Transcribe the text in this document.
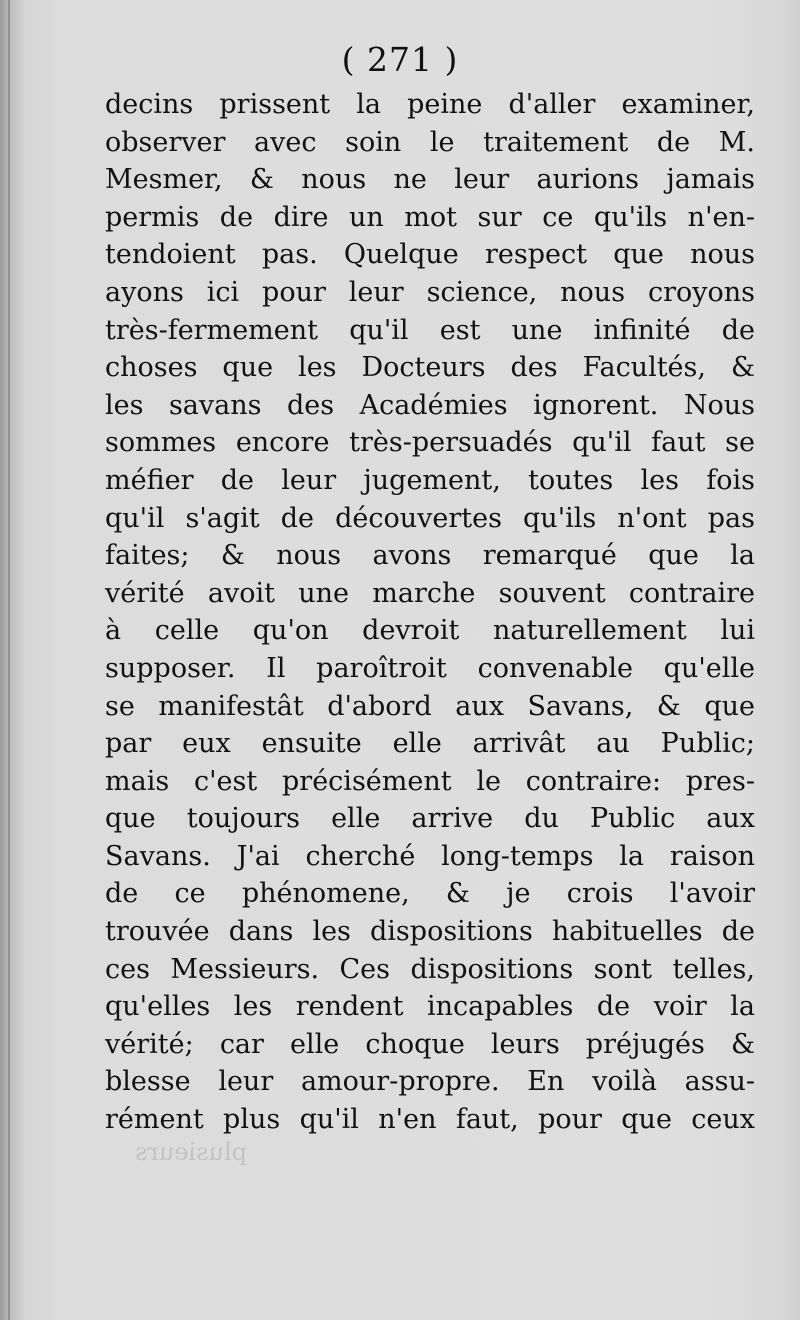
( 271 )
decins prissent la peine d'aller examiner,
observer avec soin le traitement de M.
Mesmer, & nous ne leur aurions jamais
permis de dire un mot sur ce qu'ils n'en-
tendoient pas. Quelque respect que nous
ayons ici pour leur science, nous croyons
très-fermement qu'il est une infinité de
choses que les Docteurs des Facultés, &
les savans des Académies ignorent. Nous
sommes encore très-persuadés qu'il faut se
méfier de leur jugement, toutes les fois
qu'il s'agit de découvertes qu'ils n'ont pas
faites; & nous avons remarqué que la
vérité avoit une marche souvent contraire
à celle qu'on devroit naturellement lui
supposer. Il paroîtroit convenable qu'elle
se manifestât d'abord aux Savans, & que
par eux ensuite elle arrivât au Public;
mais c'est précisément le contraire: pres-
que toujours elle arrive du Public aux
Savans. J'ai cherché long-temps la raison
de ce phénomene, & je crois l'avoir
trouvée dans les dispositions habituelles de
ces Messieurs. Ces dispositions sont telles,
qu'elles les rendent incapables de voir la
vérité; car elle choque leurs préjugés &
blesse leur amour-propre. En voilà assu-
rément plus qu'il n'en faut, pour que ceux
plusieurs
